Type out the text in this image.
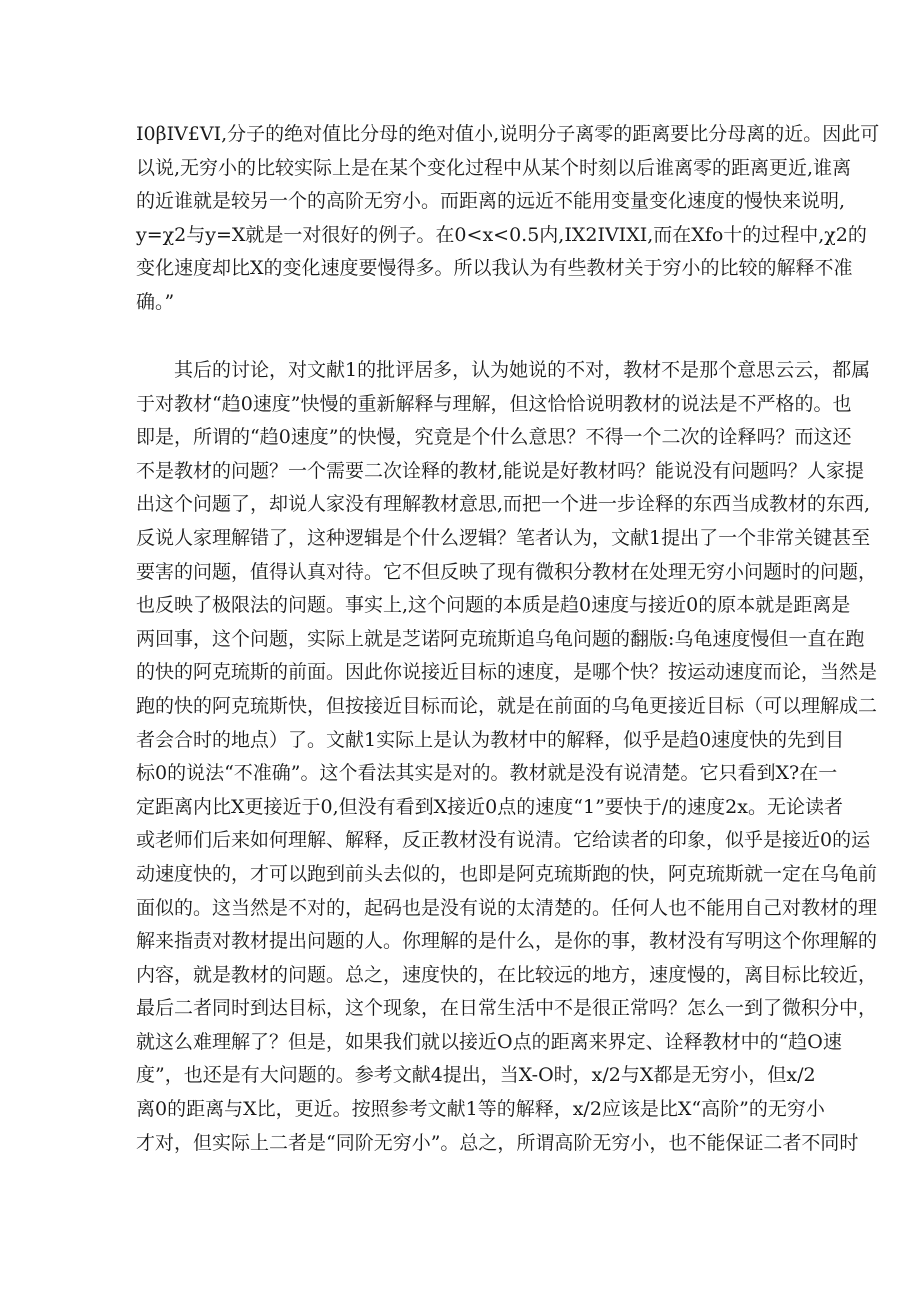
I0βIV£VI,分子的绝对值比分母的绝对值小,说明分子离零的距离要比分母离的近。因此可
以说,无穷小的比较实际上是在某个变化过程中从某个时刻以后谁离零的距离更近,谁离
的近谁就是较另一个的高阶无穷小。而距离的远近不能用变量变化速度的慢快来说明,
y=χ2与y=X就是一对很好的例子。在0<x<0.5内,IX2IVIXI,而在Xfo十的过程中,χ2的
变化速度却比X的变化速度要慢得多。所以我认为有些教材关于穷小的比较的解释不准
确。”
其后的讨论，对文献1的批评居多，认为她说的不对，教材不是那个意思云云，都属
于对教材“趋0速度”快慢的重新解释与理解，但这恰恰说明教材的说法是不严格的。也
即是，所谓的“趋0速度”的快慢，究竟是个什么意思？不得一个二次的诠释吗？而这还
不是教材的问题？一个需要二次诠释的教材,能说是好教材吗？能说没有问题吗？人家提
出这个问题了，却说人家没有理解教材意思,而把一个进一步诠释的东西当成教材的东西,
反说人家理解错了，这种逻辑是个什么逻辑？笔者认为，文献1提出了一个非常关键甚至
要害的问题，值得认真对待。它不但反映了现有微积分教材在处理无穷小问题时的问题，
也反映了极限法的问题。事实上,这个问题的本质是趋0速度与接近0的原本就是距离是
两回事，这个问题，实际上就是芝诺阿克琉斯追乌龟问题的翻版:乌龟速度慢但一直在跑
的快的阿克琉斯的前面。因此你说接近目标的速度，是哪个快？按运动速度而论，当然是
跑的快的阿克琉斯快，但按接近目标而论，就是在前面的乌龟更接近目标（可以理解成二
者会合时的地点）了。文献1实际上是认为教材中的解释，似乎是趋0速度快的先到目
标0的说法“不准确”。这个看法其实是对的。教材就是没有说清楚。它只看到X?在一
定距离内比X更接近于0,但没有看到X接近0点的速度“1”要快于/的速度2x。无论读者
或老师们后来如何理解、解释，反正教材没有说清。它给读者的印象，似乎是接近0的运
动速度快的，才可以跑到前头去似的，也即是阿克琉斯跑的快，阿克琉斯就一定在乌龟前
面似的。这当然是不对的，起码也是没有说的太清楚的。任何人也不能用自己对教材的理
解来指责对教材提出问题的人。你理解的是什么，是你的事，教材没有写明这个你理解的
内容，就是教材的问题。总之，速度快的，在比较远的地方，速度慢的，离目标比较近，
最后二者同时到达目标，这个现象，在日常生活中不是很正常吗？怎么一到了微积分中，
就这么难理解了？但是，如果我们就以接近O点的距离来界定、诠释教材中的“趋O速
度”，也还是有大问题的。参考文献4提出，当X-O时，x/2与X都是无穷小，但x/2
离0的距离与X比，更近。按照参考文献1等的解释，x/2应该是比X“高阶”的无穷小
才对，但实际上二者是“同阶无穷小”。总之，所谓高阶无穷小，也不能保证二者不同时
